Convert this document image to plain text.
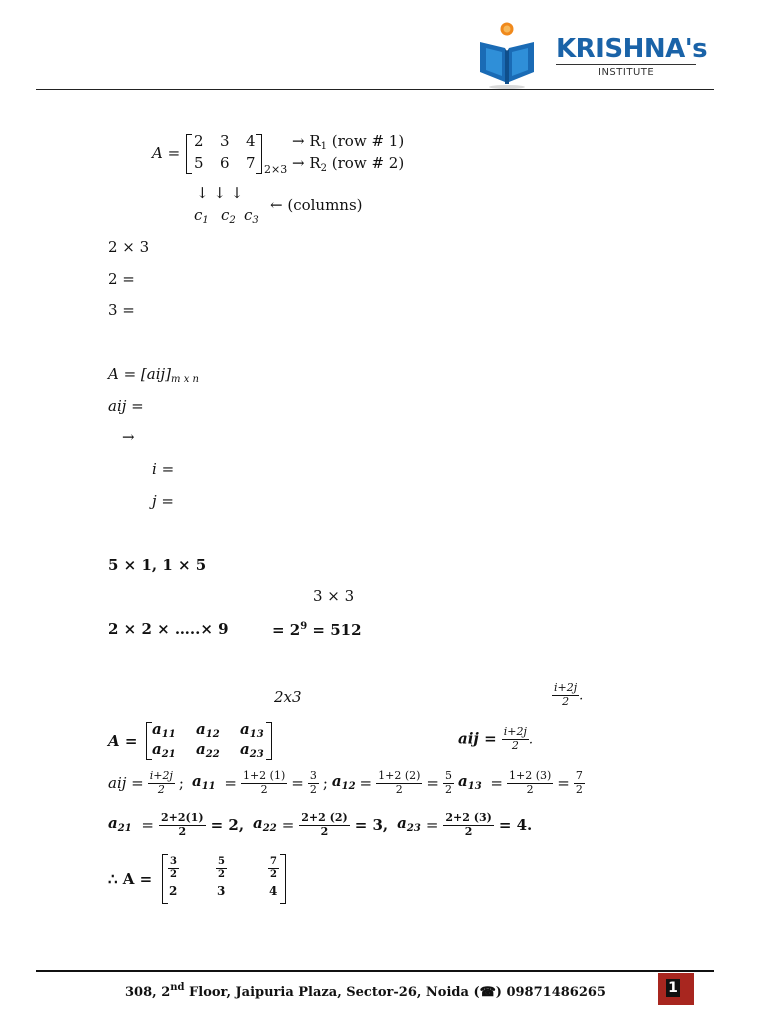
KRISHNA's
INSTITUTE
A =
2 3 4
5 6 7 2×3
→ $R_1$ (row # 1)
→ $R_2$ (row # 2)
↓ ↓ ↓
$c_1$ $c_2$ $c_3$
← (columns)
2 × 3
2 =
3 =
$A = [aij]_{m x n}$
aij =
→
i =
j =
5 × 1, 1 × 5
3 × 3
2 × 2 × …..× 9	= $2^9 = 512$
2x3	$\frac{i+2j}{2}$ .
A =
$a_{11}$ $a_{12}$ $a_{13}$
$a_{21}$ $a_{22}$ $a_{23}$
aij = $\frac{i+2j}{2}$ .
aij = $\frac{i+2j}{2}$ ; $a_{11} = \frac{1+2 (1)}{2} = \frac{3}{2}$ ; $a_{12} = \frac{1+2 (2)}{2} = \frac{5}{2} a_{13} = \frac{1+2 (3)}{2} = \frac{7}{2}$
$a_{21} = \frac{2+2(1)}{2} = 2$, $a_{22} = \frac{2+2 (2)}{2} = 3$, $a_{23} = \frac{2+2 (3)}{2} = 4$.
∴ $A = \frac{3}{2}$	$\frac{5}{2}$	$\frac{7}{2}$
2	3	4
308, 2nd Floor, Jaipuria Plaza, Sector-26, Noida (☎) 09871486265	1
